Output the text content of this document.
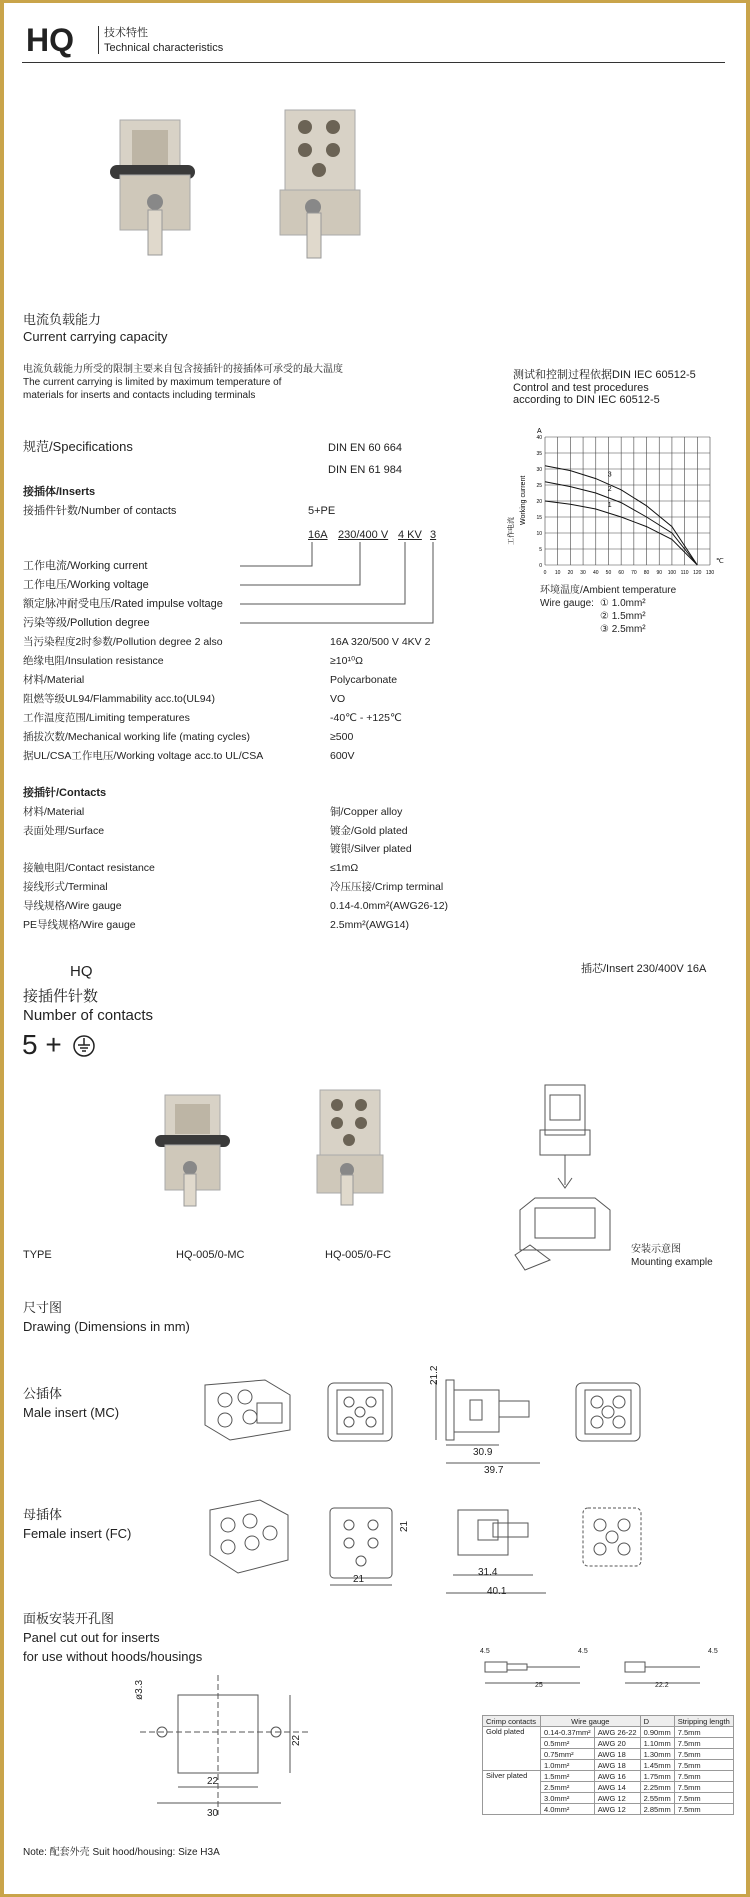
HQ	技术特性
Technical characteristics
电流负载能力
Current carrying capacity
电流负载能力所受的限制主要来自包含接插针的接插体可承受的最大温度
The current carrying is limited by maximum temperature of
materials for inserts and contacts including terminals
测试和控制过程依据DIN IEC 60512-5
Control and test procedures
according to DIN IEC 60512-5
0 10 20 30 40 50 60 70 80 90 100 110 120 130
0
5
10
15
20
25
30
35
40
A
℃
工作电流
Working current	1
2
3
环境温度/Ambient temperature
Wire gauge: ① 1.0mm²
② 1.5mm²
③ 2.5mm²
规范/Specifications	DIN EN 60 664
DIN EN 61 984
接插体/Inserts
接插件针数/Number of contacts	5+PE
16A 230/400 V 4 KV 3
工作电流/Working current
工作电压/Working voltage
额定脉冲耐受电压/Rated impulse voltage
污染等级/Pollution degree
当污染程度2时参数/Pollution degree 2 also	16A 320/500 V 4KV 2
绝缘电阻/Insulation resistance	≥10¹⁰Ω
材料/Material	Polycarbonate
阻燃等级UL94/Flammability acc.to(UL94)	VO
工作温度范围/Limiting temperatures	-40℃ - +125℃
插拔次数/Mechanical working life (mating cycles)	≥500
据UL/CSA工作电压/Working voltage acc.to UL/CSA	600V
接插针/Contacts
材料/Material	铜/Copper alloy
表面处理/Surface	镀金/Gold plated
镀银/Silver plated
接触电阻/Contact resistance	≤1mΩ
接线形式/Terminal	冷压压接/Crimp terminal
导线规格/Wire gauge	0.14-4.0mm²(AWG26-12)
PE导线规格/Wire gauge	2.5mm²(AWG14)
HQ	插芯/Insert 230/400V 16A
接插件针数
Number of contacts
5 +
TYPE	HQ-005/0-MC	HQ-005/0-FC	安装示意图
Mounting example
尺寸图
Drawing (Dimensions in mm)
公插体
Male insert (MC)
21.2
30.9
39.7
母插体
Female insert (FC)	21
21
31.4
40.1
面板安装开孔图
Panel cut out for inserts
for use without hoods/housings
ø3.3
22
22
30
4.5	4.5
25
4.5
22.2
Crimp contacts	Wire gauge		D	Stripping length
Gold plated	0.14-0.37mm²	AWG 26-22	0.90mm	7.5mm
	0.5mm²	AWG 20	1.10mm	7.5mm
	0.75mm²	AWG 18	1.30mm	7.5mm
	1.0mm²	AWG 18	1.45mm	7.5mm
Silver plated	1.5mm²	AWG 16	1.75mm	7.5mm
	2.5mm²	AWG 14	2.25mm	7.5mm
	3.0mm²	AWG 12	2.55mm	7.5mm
	4.0mm²	AWG 12	2.85mm	7.5mm
Note: 配套外壳 Suit hood/housing: Size H3A
